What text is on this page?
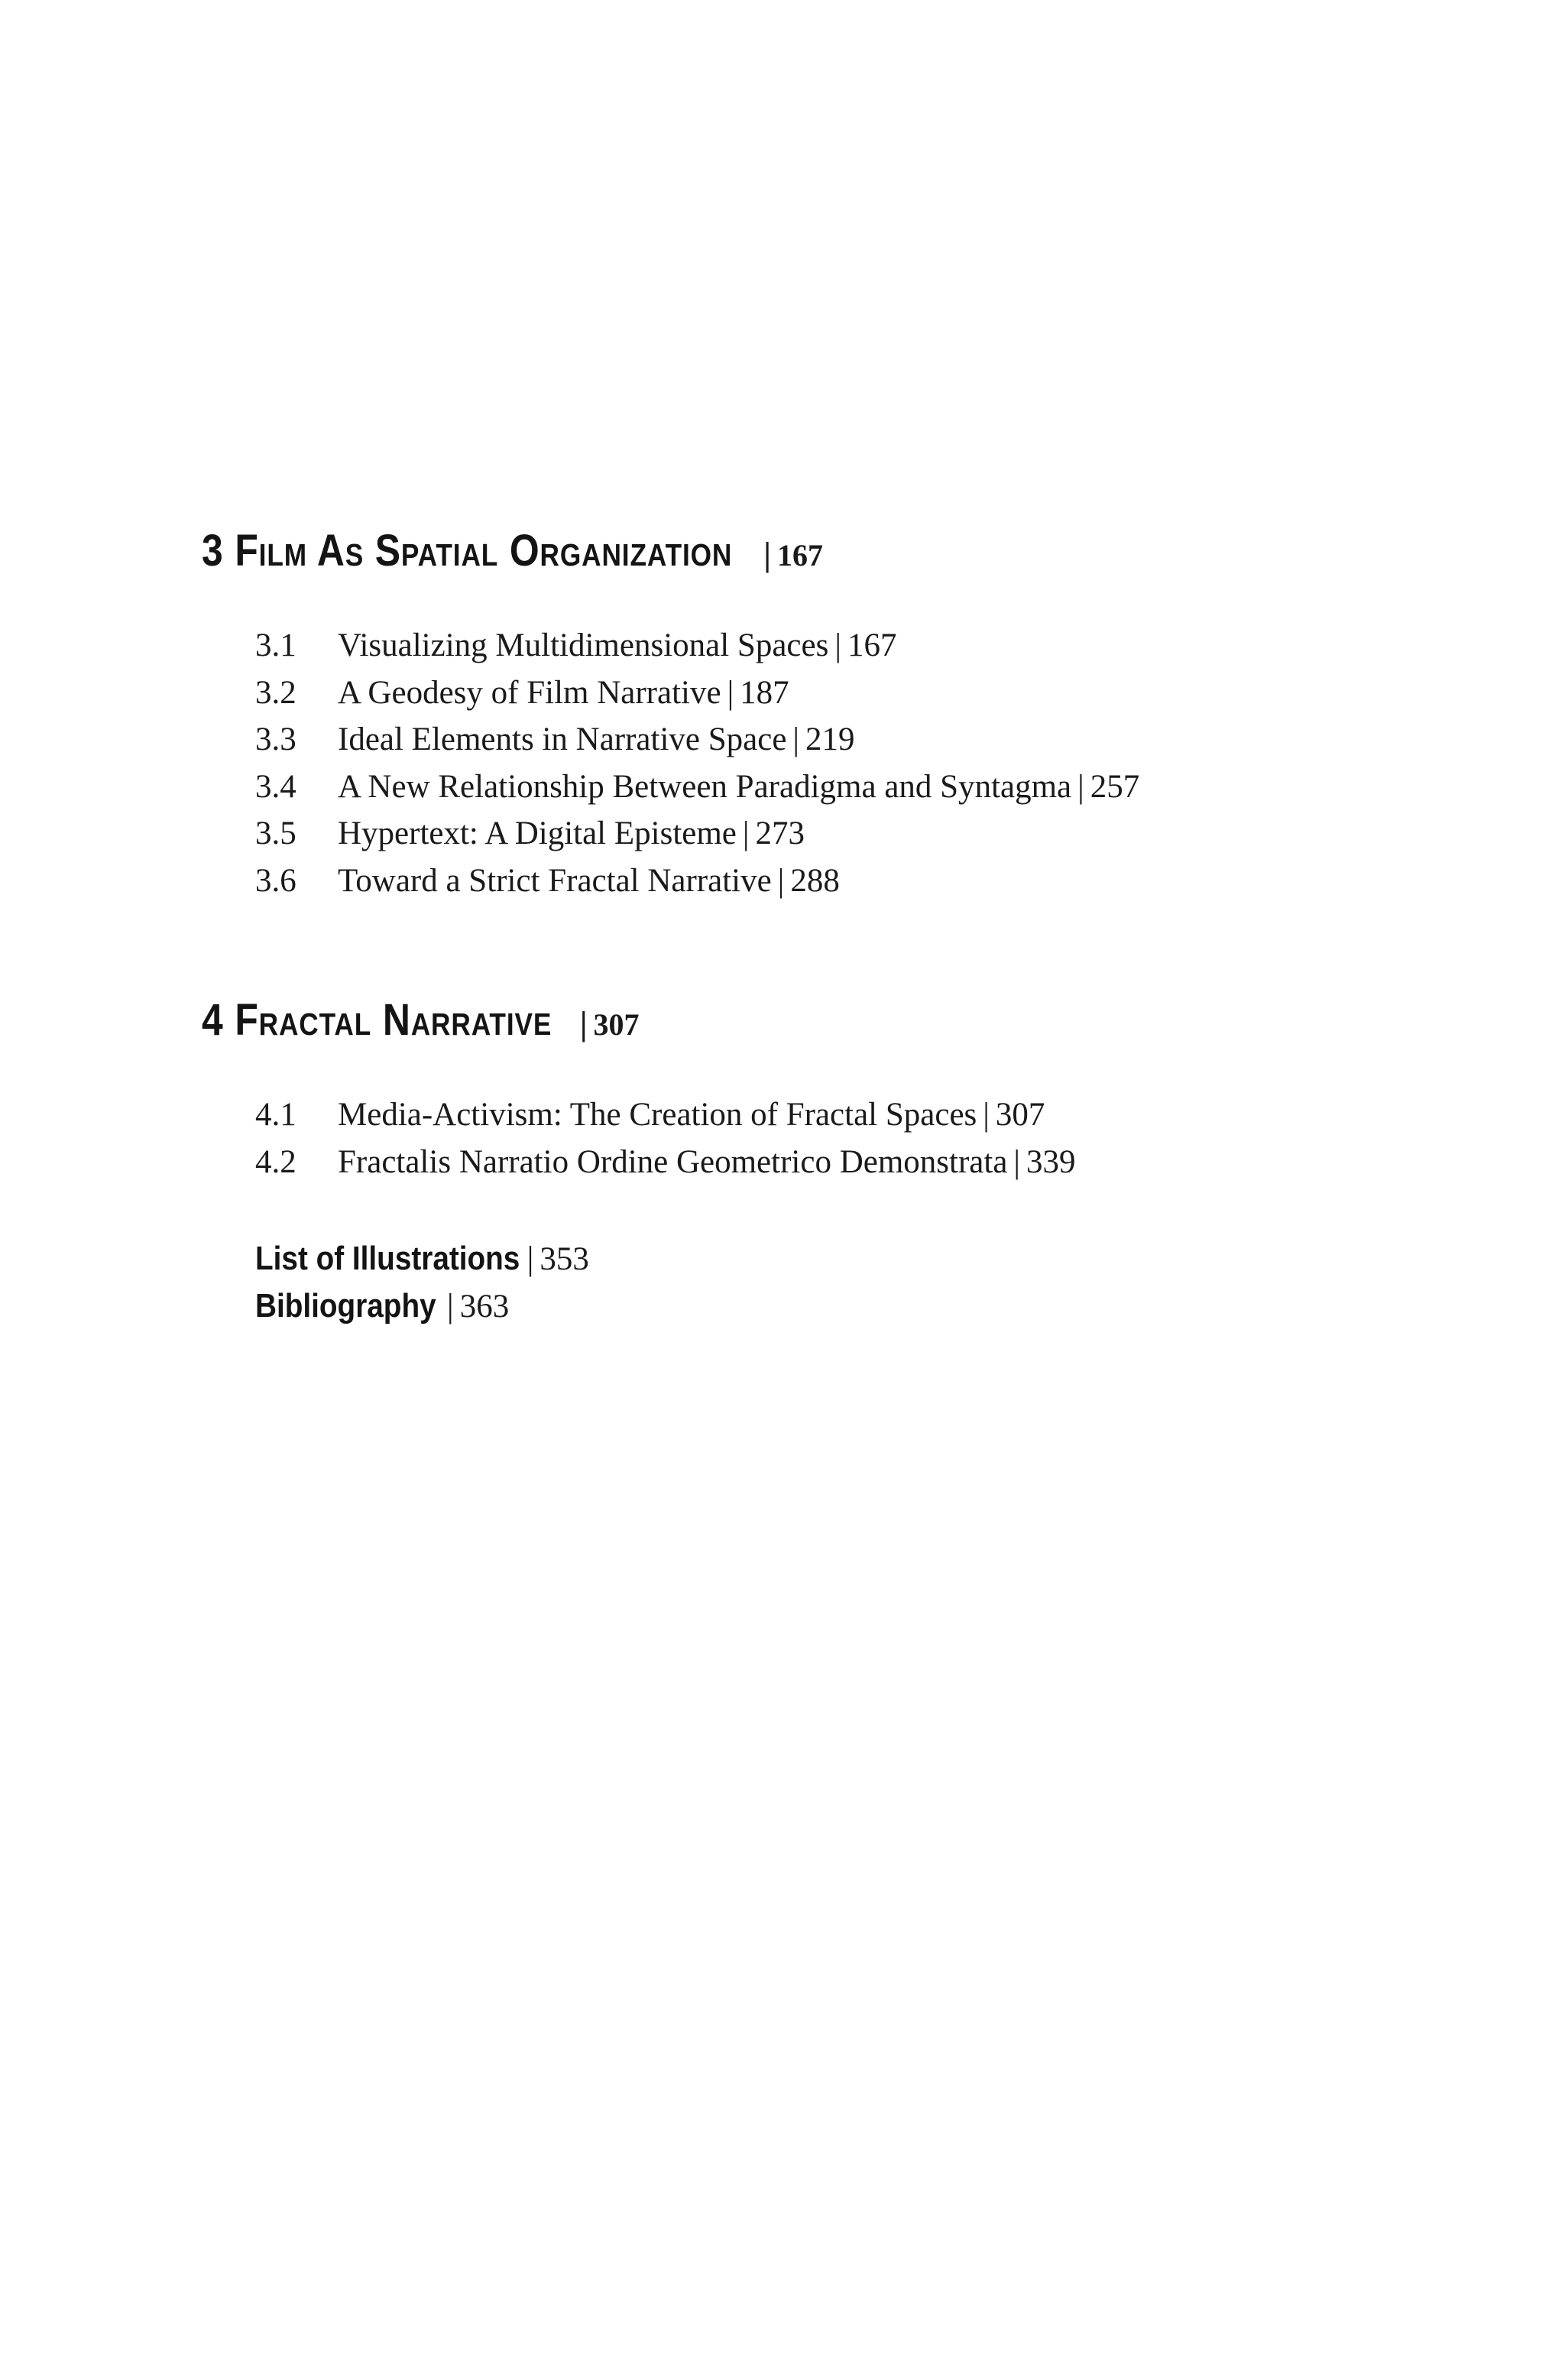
3 Film As Spatial Organization | 167
3.1 Visualizing Multidimensional Spaces | 167
3.2 A Geodesy of Film Narrative | 187
3.3 Ideal Elements in Narrative Space | 219
3.4 A New Relationship Between Paradigma and Syntagma | 257
3.5 Hypertext: A Digital Episteme | 273
3.6 Toward a Strict Fractal Narrative | 288
4 Fractal Narrative | 307
4.1 Media-Activism: The Creation of Fractal Spaces | 307
4.2 Fractalis Narratio Ordine Geometrico Demonstrata | 339
List of Illustrations | 353
Bibliography | 363
